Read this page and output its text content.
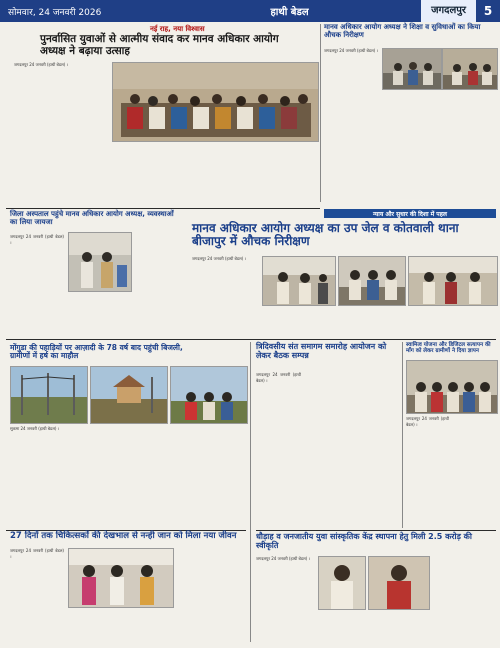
सोमवार, 24 जनवरी 2026	हाथी बेडल	जगदलपुर	5
नई राह, नया विश्वास
पुनर्वासित युवाओं से आत्मीय संवाद कर मानव अधिकार आयोग अध्यक्ष ने बढ़ाया उत्साह
जगदलपुर 24 जनवरी (हाथी बेडल) ।
मानव अधिकार आयोग अध्यक्ष ने शिक्षा व सुविधाओं का किया औचक निरीक्षण
जगदलपुर 24 जनवरी (हाथी बेडल) ।
न्याय और सुधार की दिशा में पहल
जिला अस्पताल पहुंचे मानव अधिकार आयोग अध्यक्ष, व्यवस्थाओं का लिया जायजा
जगदलपुर 24 जनवरी (हाथी बेडल) ।
मानव अधिकार आयोग अध्यक्ष का उप जेल व कोतवाली थाना बीजापुर में औचक निरीक्षण
जगदलपुर 24 जनवरी (हाथी बेडल) ।
मोंगुडा की पहाड़ियों पर आज़ादी के 78 वर्ष बाद पहुंची बिजली, ग्रामीणों में हर्ष का माहौल
सुकमा 24 जनवरी (हाथी बेडल) ।
त्रिदिवसीय संत समागम समारोह आयोजन को लेकर बैठक सम्पन्न
जगदलपुर 24 जनवरी (हाथी बेडल) ।
स्वामित्व योजना और डिजिटल सत्यापन की माँग को लेकर ग्रामीणों ने दिया ज्ञापन
जगदलपुर 24 जनवरी (हाथी बेडल) ।
27 दिनों तक चिकित्सकों की देखभाल से नन्ही जान को मिला नया जीवन
जगदलपुर 24 जनवरी (हाथी बेडल) ।
धौड़ाह व जनजातीय युवा सांस्कृतिक केंद्र स्थापना हेतु मिली 2.5 करोड़ की स्वीकृति
जगदलपुर 24 जनवरी (हाथी बेडल) ।
